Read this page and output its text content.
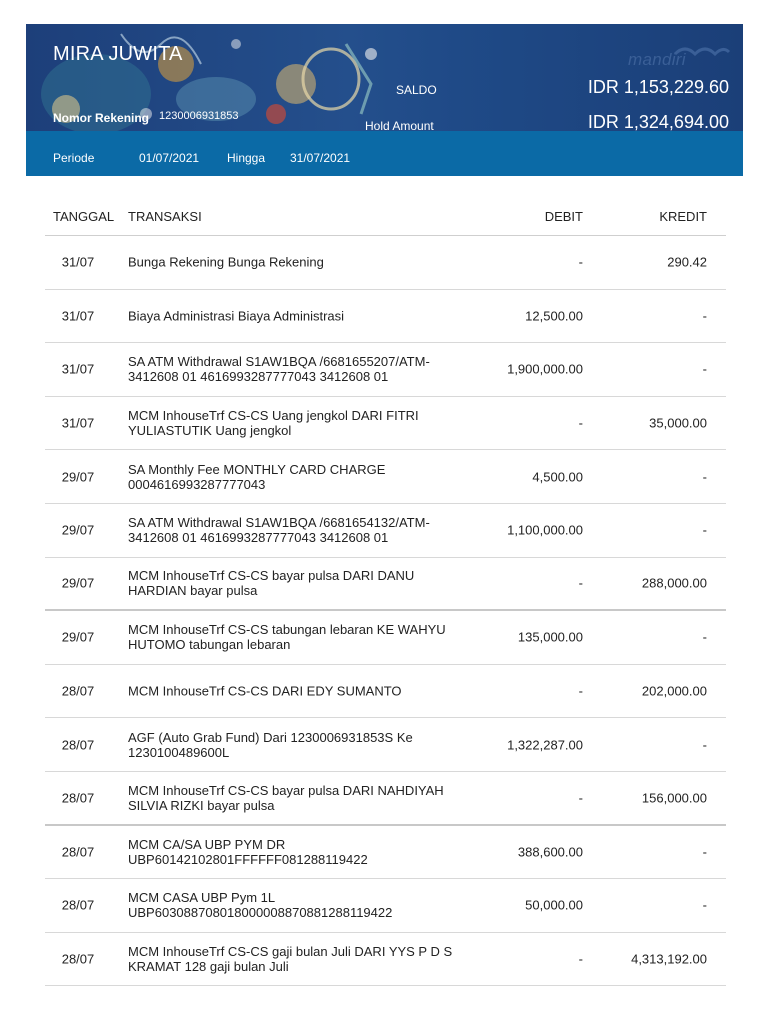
MIRA JUWITA	mandiri
SALDO	IDR 1,153,229.60
Nomor Rekening 1230006931853
Hold Amount	IDR 1,324,694.00
Periode	01/07/2021 Hingga 31/07/2021
TANGGAL TRANSAKSI	DEBIT	KREDIT
31/07	Bunga Rekening Bunga Rekening	-	290.42
31/07	Biaya Administrasi Biaya Administrasi	12,500.00	-
31/07	SA ATM Withdrawal S1AW1BQA /6681655207/ATM-3412608 01 4616993287777043 3412608 01	1,900,000.00	-
31/07	MCM InhouseTrf CS-CS Uang jengkol DARI FITRI YULIASTUTIK Uang jengkol	-	35,000.00
29/07	SA Monthly Fee MONTHLY CARD CHARGE 0004616993287777043	4,500.00	-
29/07	SA ATM Withdrawal S1AW1BQA /6681654132/ATM-3412608 01 4616993287777043 3412608 01	1,100,000.00	-
29/07	MCM InhouseTrf CS-CS bayar pulsa DARI DANU HARDIAN bayar pulsa	-	288,000.00
29/07	MCM InhouseTrf CS-CS tabungan lebaran KE WAHYU HUTOMO tabungan lebaran	135,000.00	-
28/07	MCM InhouseTrf CS-CS DARI EDY SUMANTO	-	202,000.00
28/07	AGF (Auto Grab Fund) Dari 1230006931853S Ke 1230100489600L	1,322,287.00	-
28/07	MCM InhouseTrf CS-CS bayar pulsa DARI NAHDIYAH SILVIA RIZKI bayar pulsa	-	156,000.00
28/07	MCM CA/SA UBP PYM DR UBP60142102801FFFFFF081288119422	388,600.00	-
28/07	MCM CASA UBP Pym 1L UBP603088708018000008870881288119422	50,000.00	-
28/07	MCM InhouseTrf CS-CS gaji bulan Juli DARI YYS P D S KRAMAT 128 gaji bulan Juli	-	4,313,192.00
